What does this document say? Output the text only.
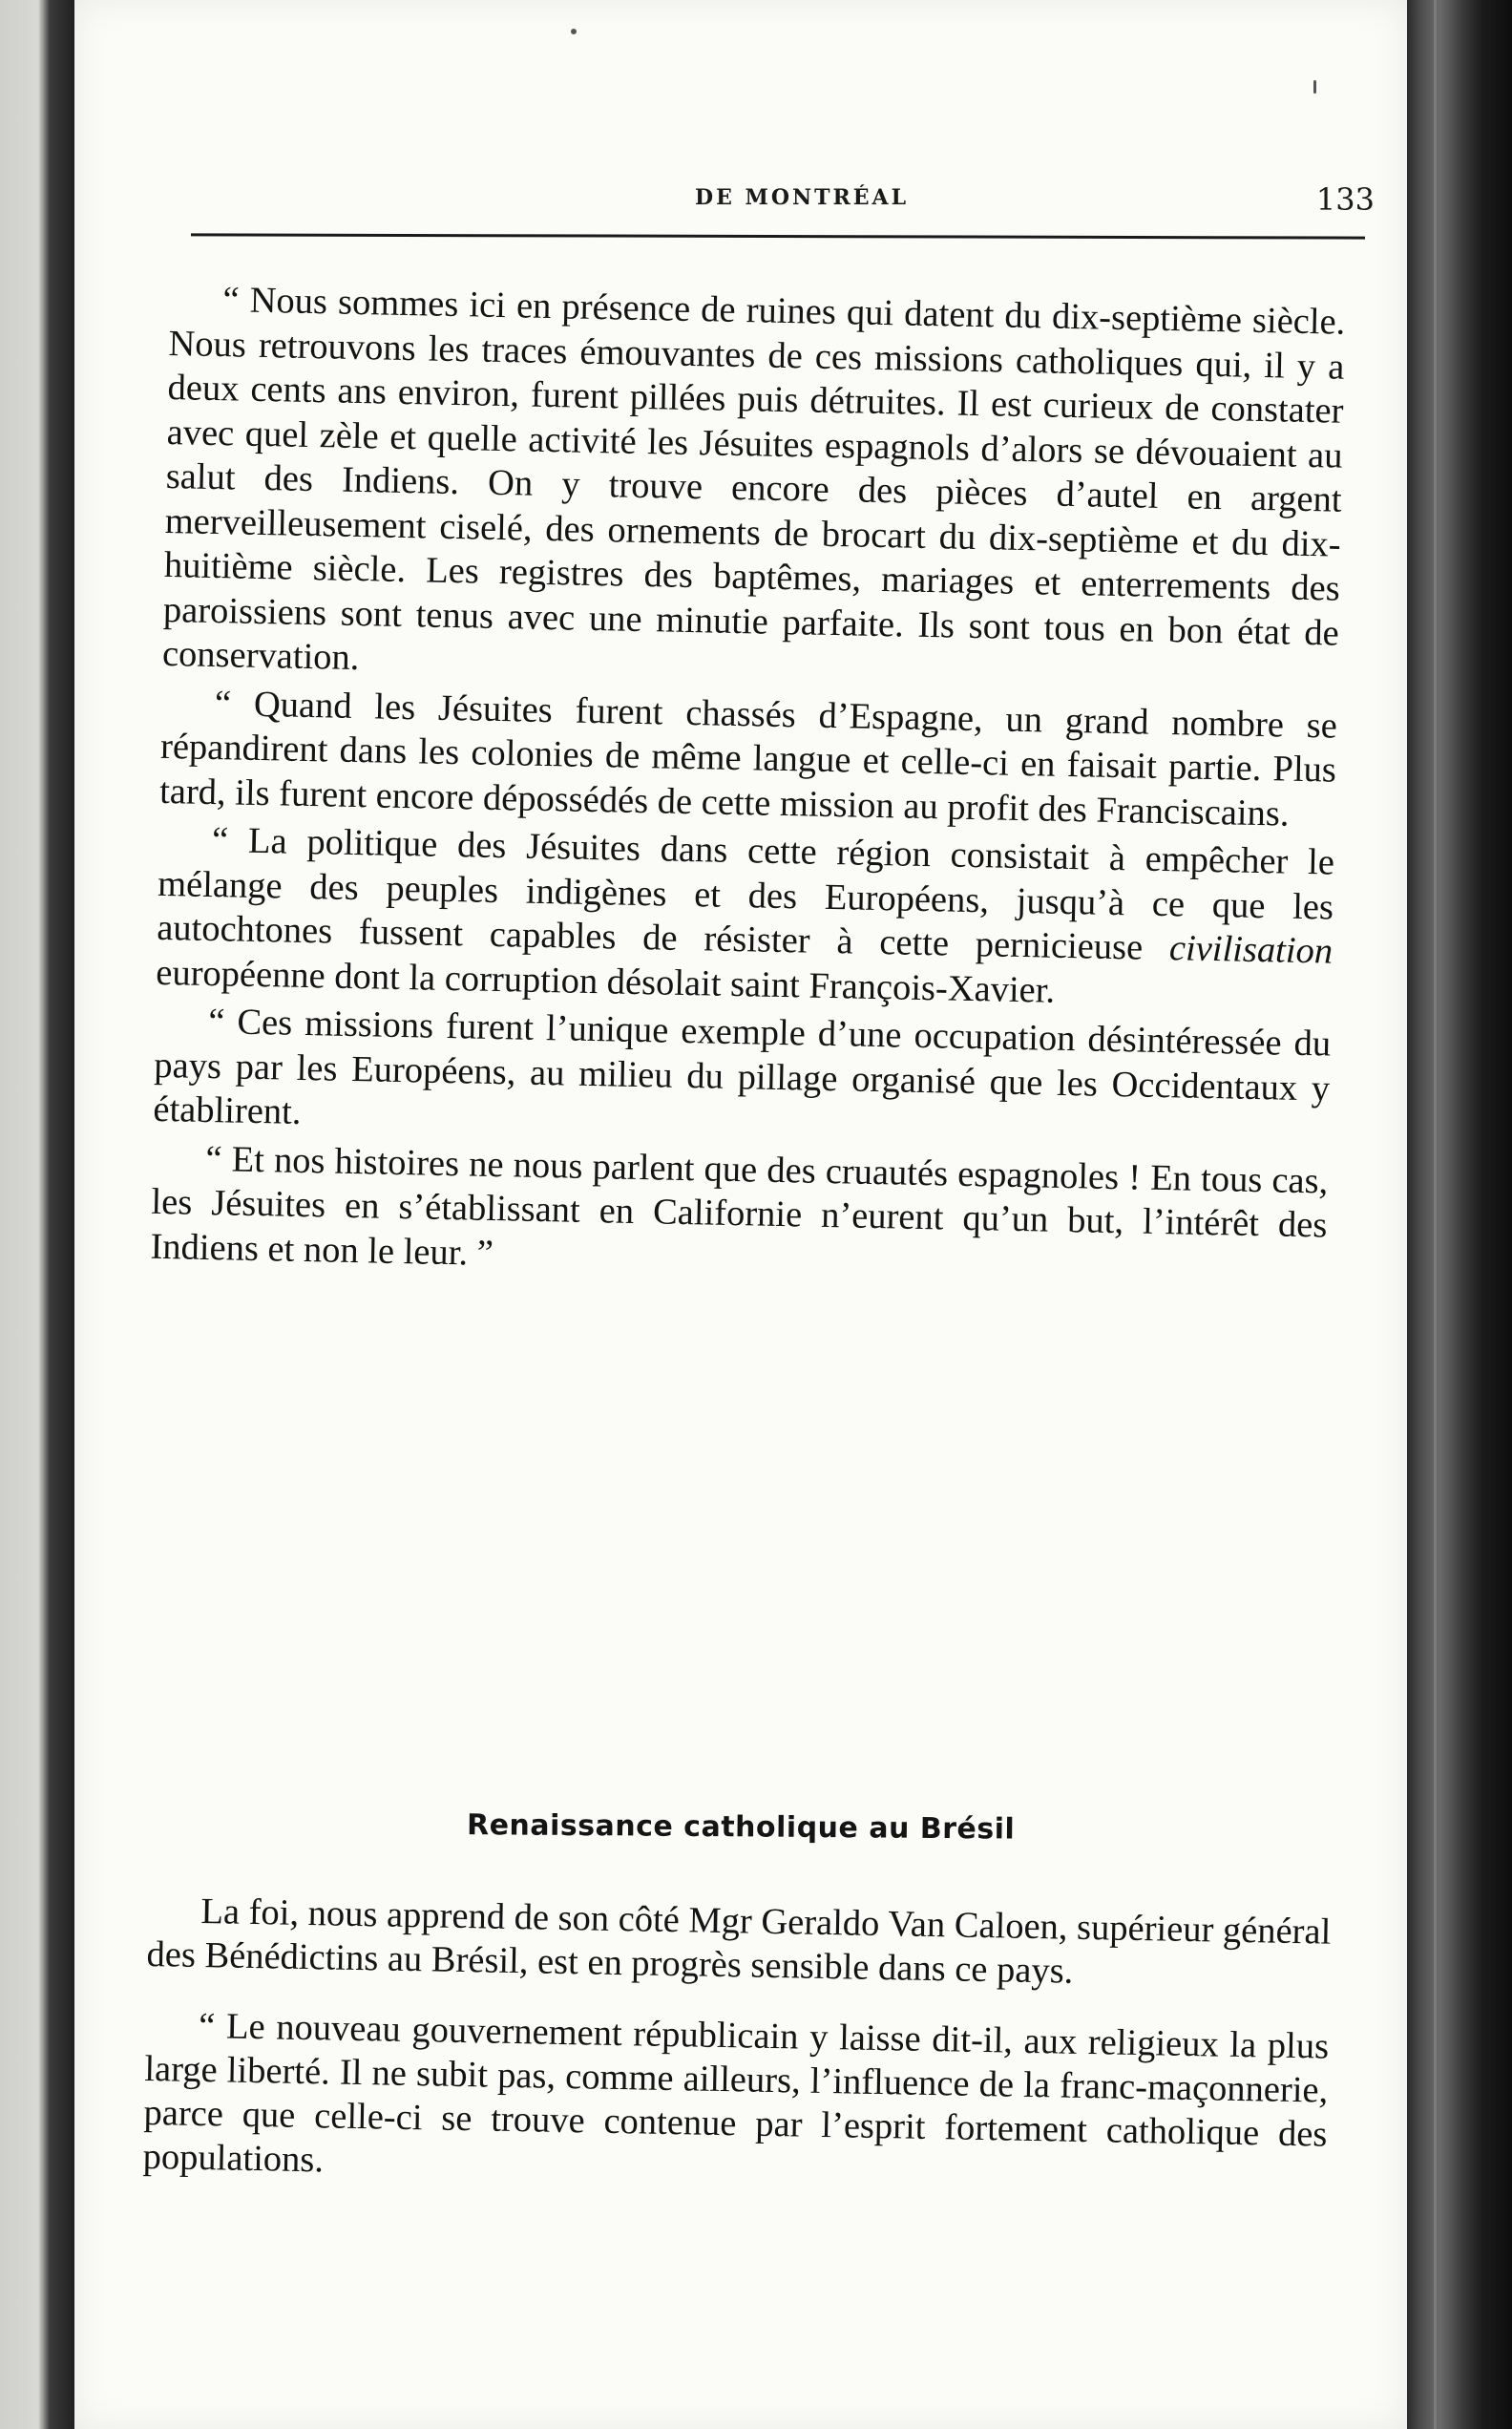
DE MONTRÉAL	133

“ Nous sommes ici en présence de ruines qui datent du dix-septième siècle. Nous retrouvons les traces émouvantes de ces missions catholiques qui, il y a deux cents ans environ, furent pillées puis détruites. Il est curieux de constater avec quel zèle et quelle activité les Jésuites espagnols d’alors se dévouaient au salut des Indiens. On y trouve encore des pièces d’autel en argent merveilleusement ciselé, des ornements de brocart du dix-septième et du dix-huitième siècle. Les registres des baptêmes, mariages et enterrements des paroissiens sont tenus avec une minutie parfaite. Ils sont tous en bon état de conservation.

“ Quand les Jésuites furent chassés d’Espagne, un grand nombre se répandirent dans les colonies de même langue et celle-ci en faisait partie. Plus tard, ils furent encore dépossédés de cette mission au profit des Franciscains.

“ La politique des Jésuites dans cette région consistait à empêcher le mélange des peuples indigènes et des Européens, jusqu’à ce que les autochtones fussent capables de résister à cette pernicieuse civilisation européenne dont la corruption désolait saint François-Xavier.

“ Ces missions furent l’unique exemple d’une occupation désintéressée du pays par les Européens, au milieu du pillage organisé que les Occidentaux y établirent.

“ Et nos histoires ne nous parlent que des cruautés espagnoles ! En tous cas, les Jésuites en s’établissant en Californie n’eurent qu’un but, l’intérêt des Indiens et non le leur. ”

Renaissance catholique au Brésil

La foi, nous apprend de son côté Mgr Geraldo Van Caloen, supérieur général des Bénédictins au Brésil, est en progrès sensible dans ce pays.

“ Le nouveau gouvernement républicain y laisse dit-il, aux religieux la plus large liberté. Il ne subit pas, comme ailleurs, l’influence de la franc-maçonnerie, parce que celle-ci se trouve contenue par l’esprit fortement catholique des populations.
